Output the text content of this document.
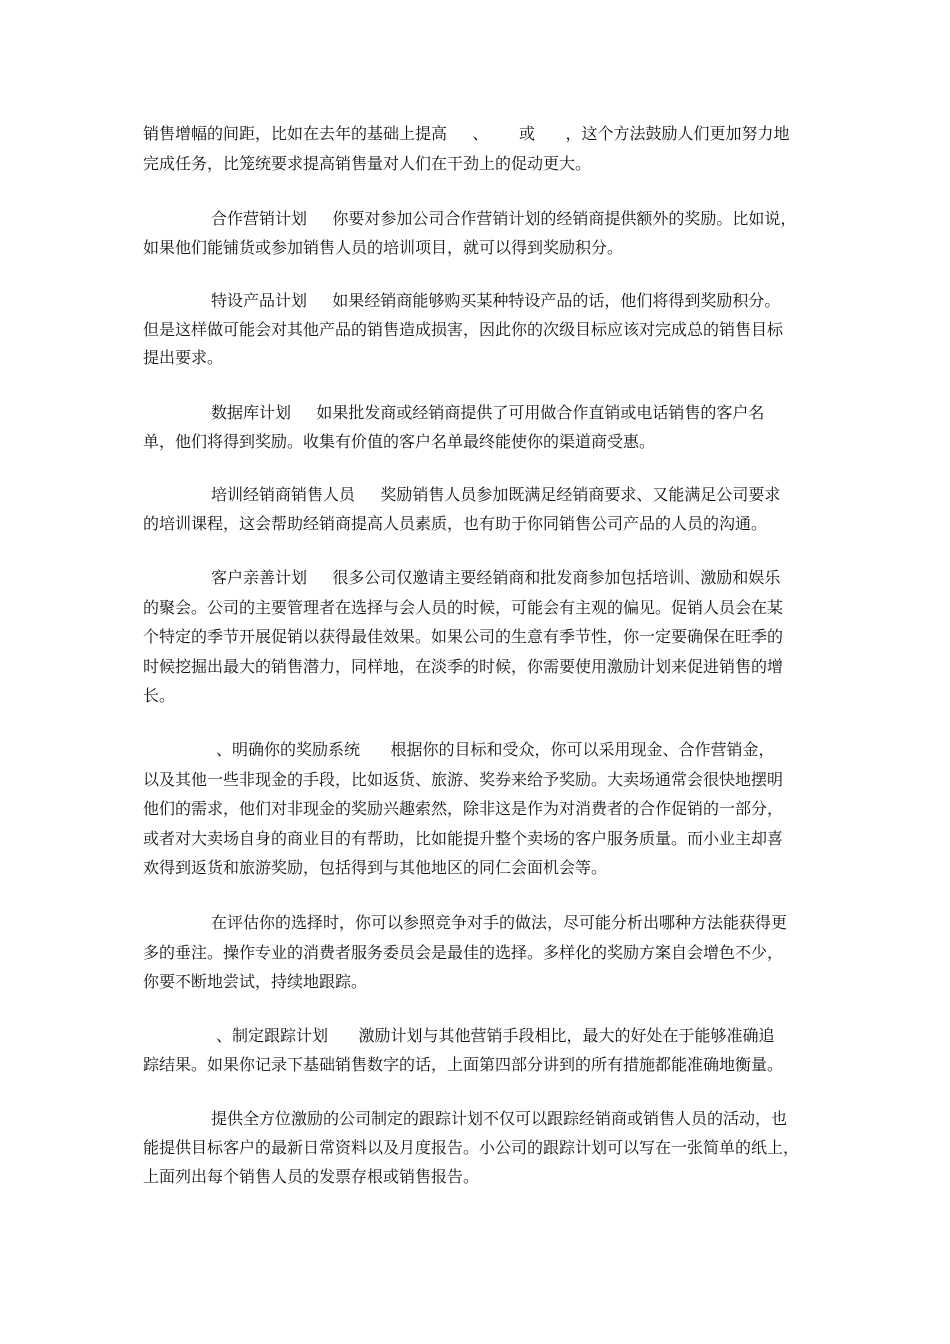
销售增幅的间距，比如在去年的基础上提高     、      或      ，这个方法鼓励人们更加努力地
完成任务，比笼统要求提高销售量对人们在干劲上的促动更大。
合作营销计划     你要对参加公司合作营销计划的经销商提供额外的奖励。比如说，
如果他们能铺货或参加销售人员的培训项目，就可以得到奖励积分。
特设产品计划     如果经销商能够购买某种特设产品的话，他们将得到奖励积分。
但是这样做可能会对其他产品的销售造成损害，因此你的次级目标应该对完成总的销售目标
提出要求。
数据库计划     如果批发商或经销商提供了可用做合作直销或电话销售的客户名
单，他们将得到奖励。收集有价值的客户名单最终能使你的渠道商受惠。
培训经销商销售人员     奖励销售人员参加既满足经销商要求、又能满足公司要求
的培训课程，这会帮助经销商提高人员素质，也有助于你同销售公司产品的人员的沟通。
客户亲善计划     很多公司仅邀请主要经销商和批发商参加包括培训、激励和娱乐
的聚会。公司的主要管理者在选择与会人员的时候，可能会有主观的偏见。促销人员会在某
个特定的季节开展促销以获得最佳效果。如果公司的生意有季节性，你一定要确保在旺季的
时候挖掘出最大的销售潜力，同样地，在淡季的时候，你需要使用激励计划来促进销售的增
长。
、明确你的奖励系统      根据你的目标和受众，你可以采用现金、合作营销金，
以及其他一些非现金的手段，比如返货、旅游、奖券来给予奖励。大卖场通常会很快地摆明
他们的需求，他们对非现金的奖励兴趣索然，除非这是作为对消费者的合作促销的一部分，
或者对大卖场自身的商业目的有帮助，比如能提升整个卖场的客户服务质量。而小业主却喜
欢得到返货和旅游奖励，包括得到与其他地区的同仁会面机会等。
在评估你的选择时，你可以参照竞争对手的做法，尽可能分析出哪种方法能获得更
多的垂注。操作专业的消费者服务委员会是最佳的选择。多样化的奖励方案自会增色不少，
你要不断地尝试，持续地跟踪。
、制定跟踪计划      激励计划与其他营销手段相比，最大的好处在于能够准确追
踪结果。如果你记录下基础销售数字的话，上面第四部分讲到的所有措施都能准确地衡量。
提供全方位激励的公司制定的跟踪计划不仅可以跟踪经销商或销售人员的活动，也
能提供目标客户的最新日常资料以及月度报告。小公司的跟踪计划可以写在一张简单的纸上，
上面列出每个销售人员的发票存根或销售报告。
